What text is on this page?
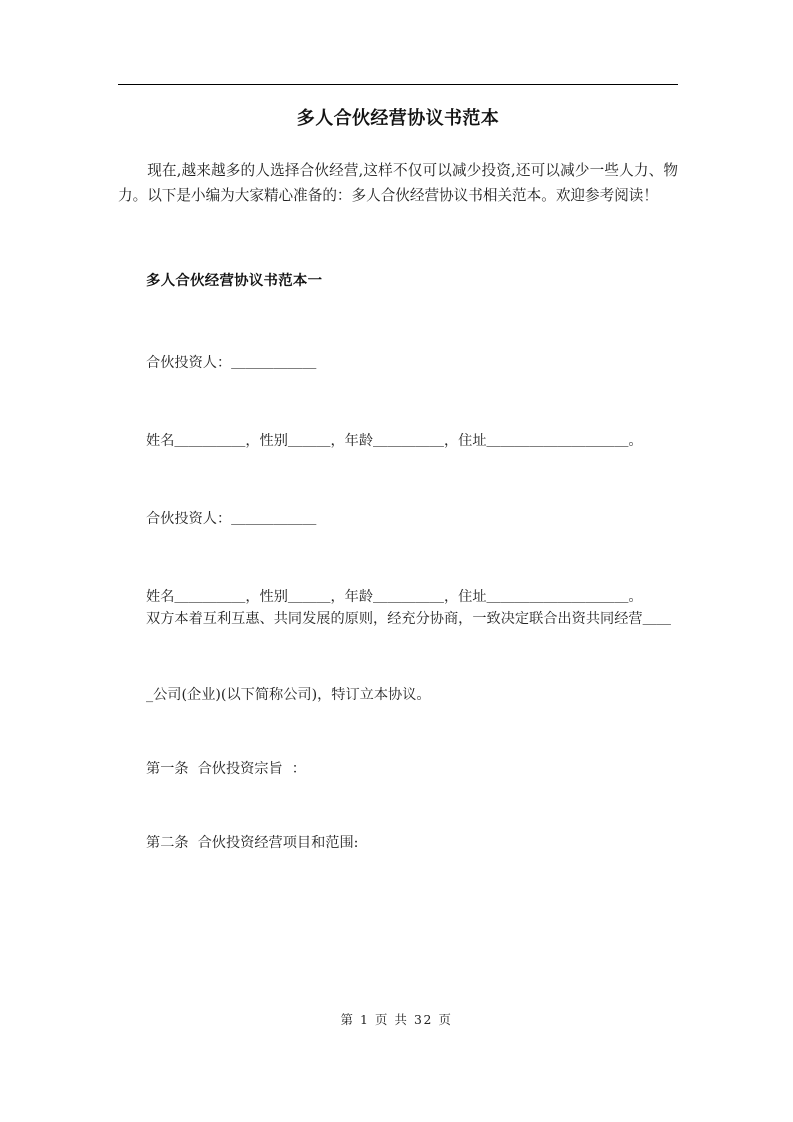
多人合伙经营协议书范本

现在,越来越多的人选择合伙经营,这样不仅可以减少投资,还可以减少一些人力、物力。以下是小编为大家精心准备的：多人合伙经营协议书相关范本。欢迎参考阅读！

多人合伙经营协议书范本一

合伙投资人：＿＿＿＿＿＿

姓名＿＿＿＿＿，性别＿＿＿，年龄＿＿＿＿＿，住址＿＿＿＿＿＿＿＿＿＿。

合伙投资人：＿＿＿＿＿＿

姓名＿＿＿＿＿，性别＿＿＿，年龄＿＿＿＿＿，住址＿＿＿＿＿＿＿＿＿＿。

双方本着互利互惠、共同发展的原则，经充分协商，一致决定联合出资共同经营＿＿
_公司(企业)(以下简称公司)，特订立本协议。

第一条  合伙投资宗旨  ：

第二条  合伙投资经营项目和范围:

第 1 页 共 32 页
